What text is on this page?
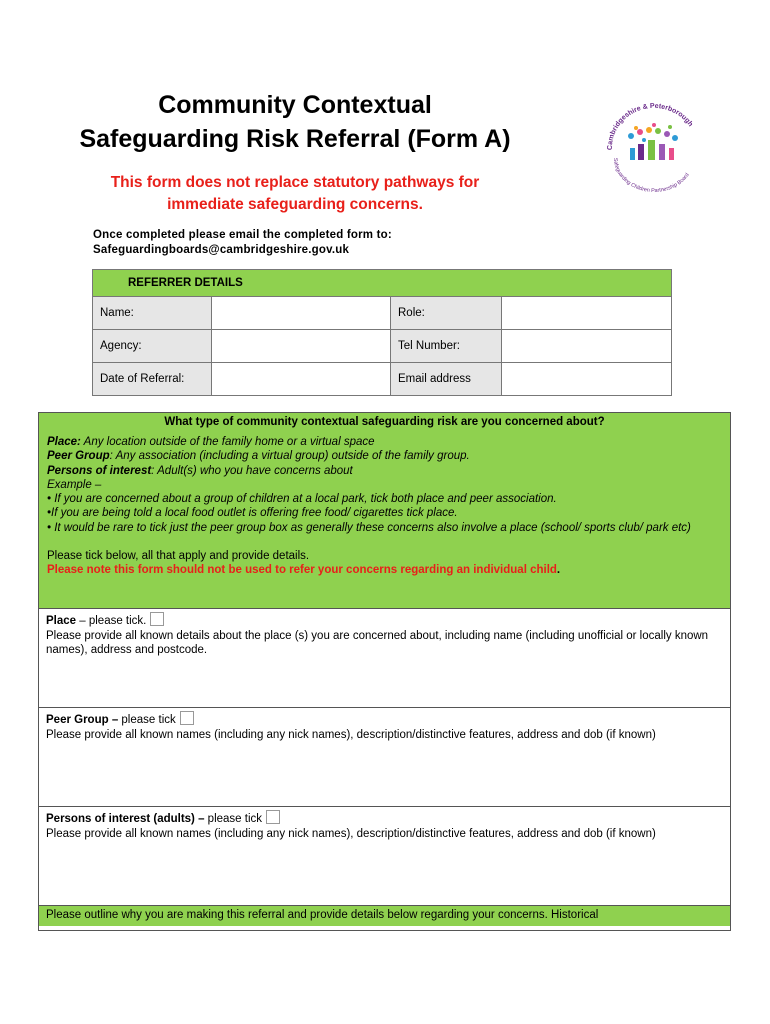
Community Contextual
Safeguarding Risk Referral (Form A)
This form does not replace statutory pathways for
immediate safeguarding concerns.
Cambridgeshire & Peterborough
Safeguarding Children Partnership Board
Once completed please email the completed form to:
Safeguardingboards@cambridgeshire.gov.uk
REFERRER DETAILS			
Name:		Role:	
Agency:		Tel Number:	
Date of Referral:		Email address	
What type of community contextual safeguarding risk are you concerned about?
Place: Any location outside of the family home or a virtual space
Peer Group: Any association (including a virtual group) outside of the family group.
Persons of interest: Adult(s) who you have concerns about
Example –
• If you are concerned about a group of children at a local park, tick both place and peer association.
•If you are being told a local food outlet is offering free food/ cigarettes tick place.
• It would be rare to tick just the peer group box as generally these concerns also involve a place (school/ sports club/ park etc)
Please tick below, all that apply and provide details.
Please note this form should not be used to refer your concerns regarding an individual child.
Place – please tick.
Please provide all known details about the place (s) you are concerned about, including name (including unofficial or locally known names), address and postcode.
Peer Group – please tick
Please provide all known names (including any nick names), description/distinctive features, address and dob (if known)
Persons of interest (adults) – please tick
Please provide all known names (including any nick names), description/distinctive features, address and dob (if known)
Please outline why you are making this referral and provide details below regarding your concerns. Historical
